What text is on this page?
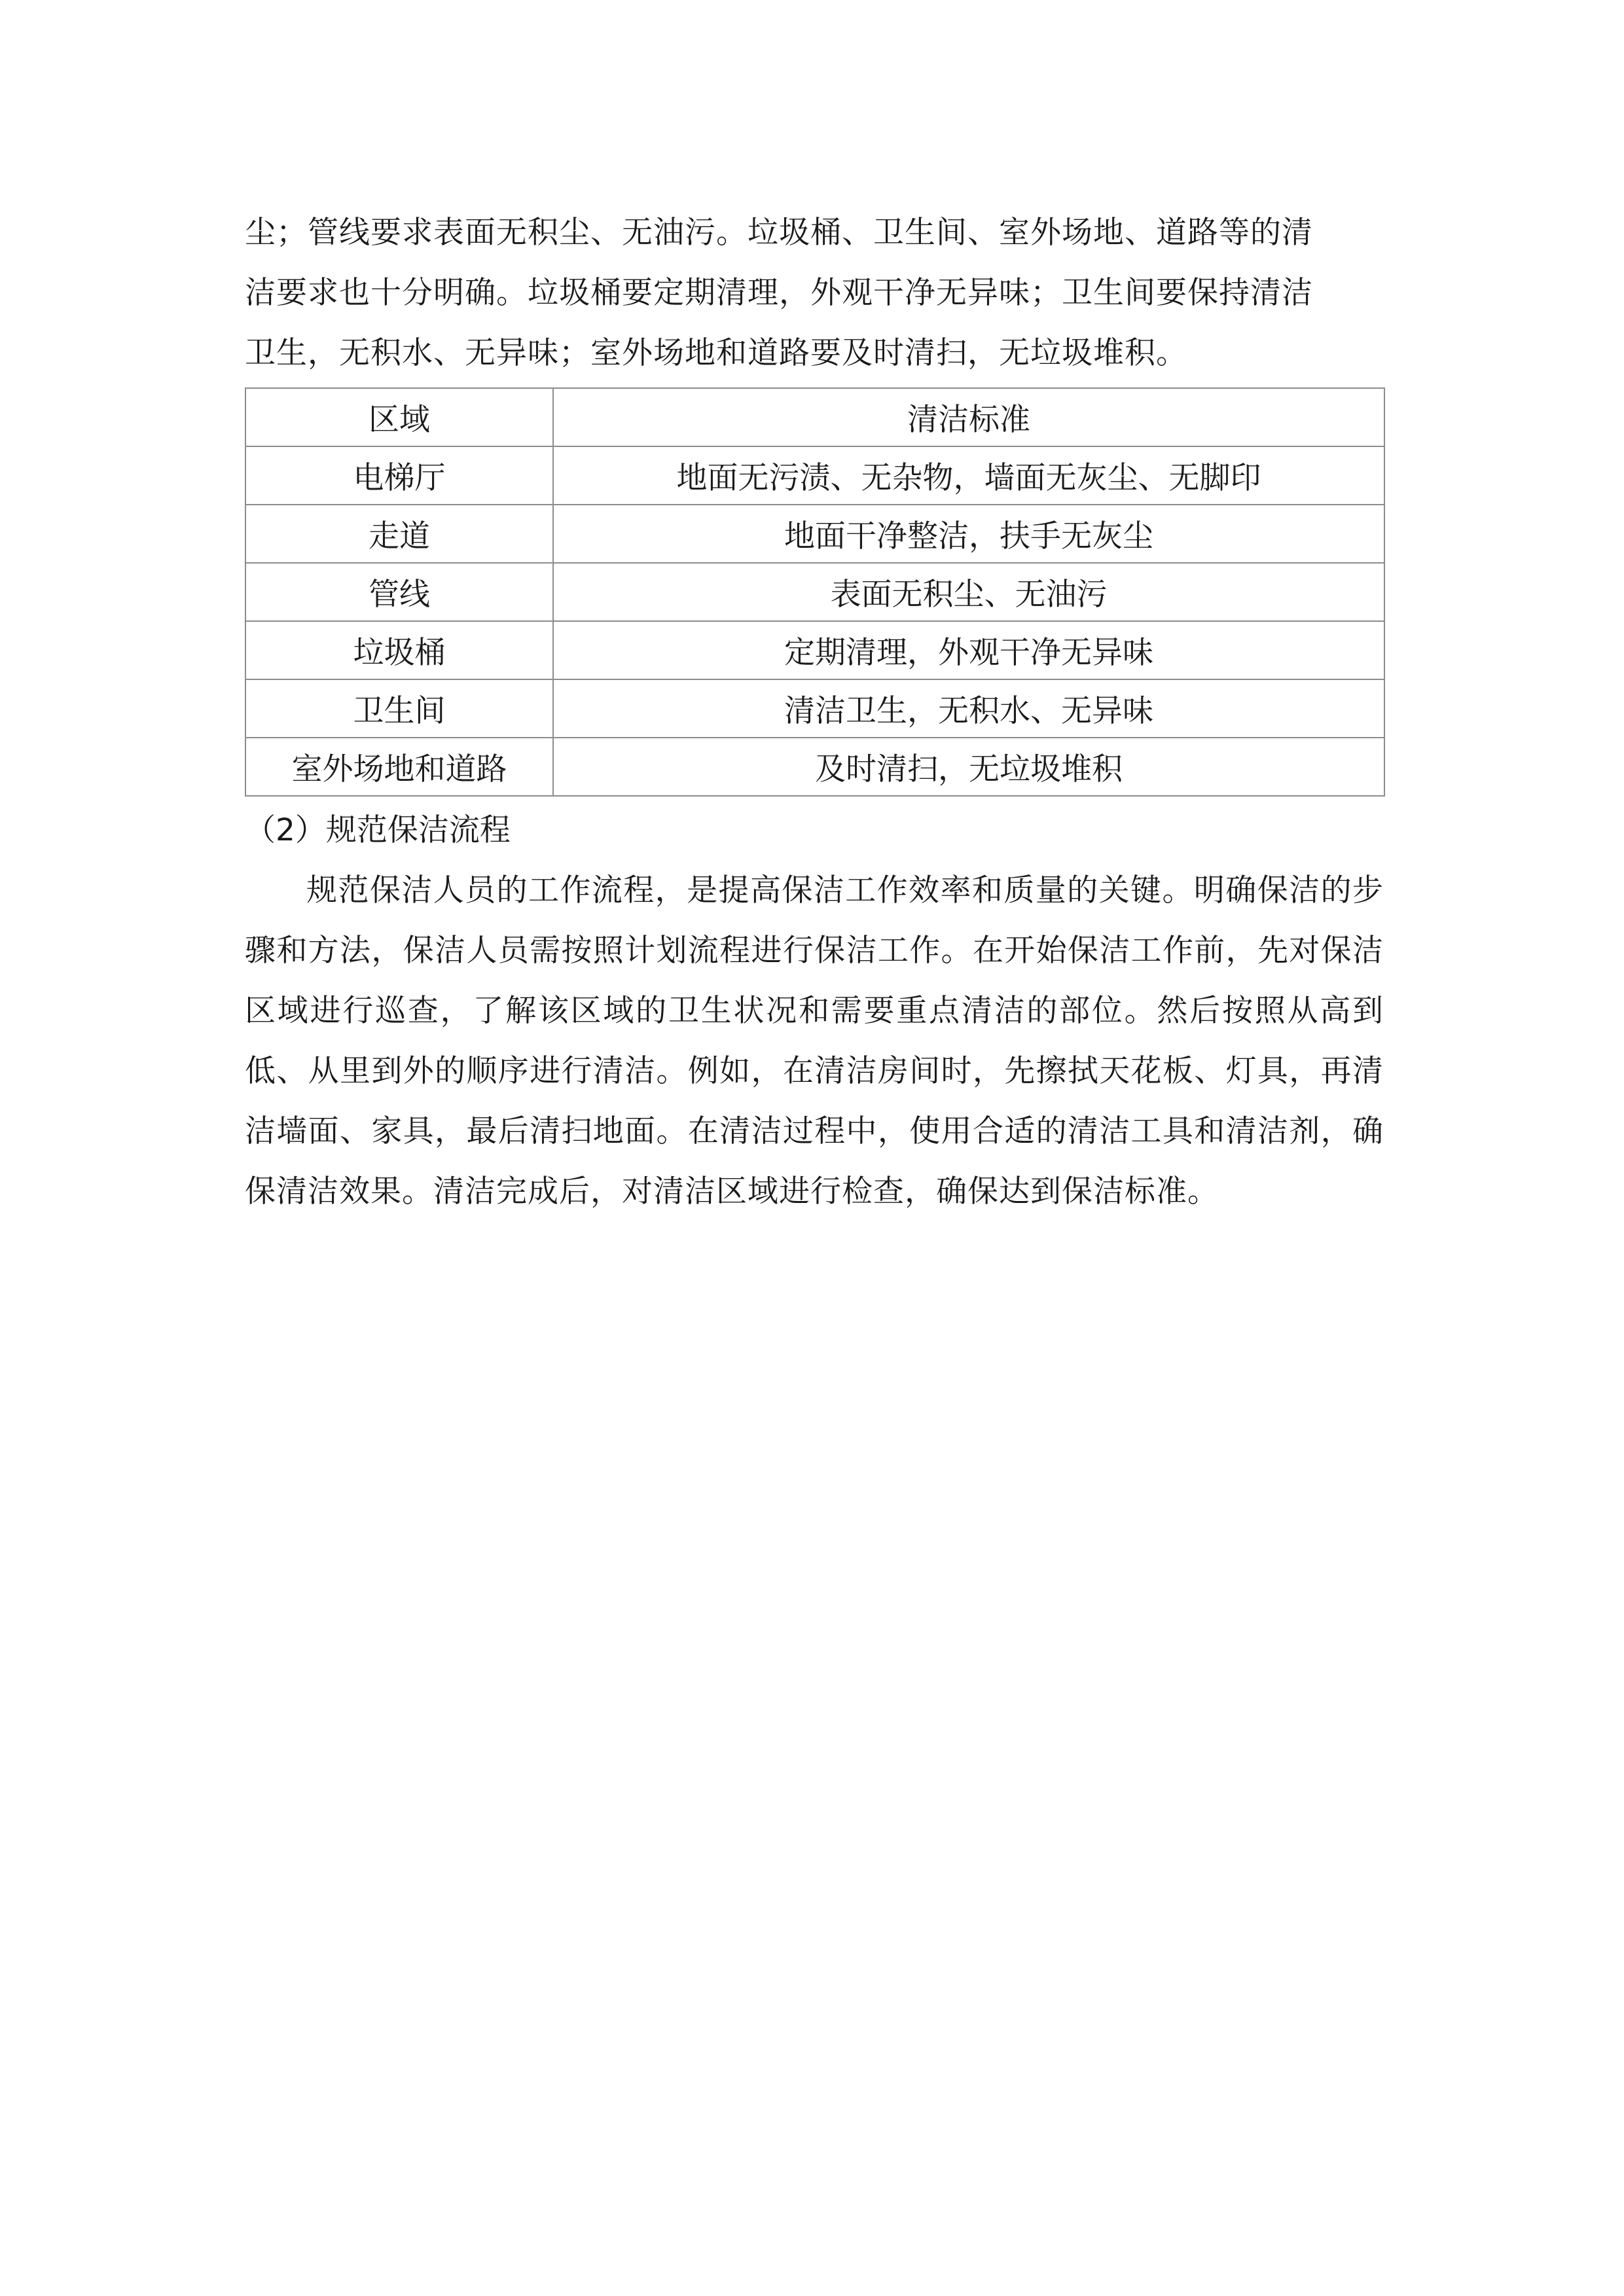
尘；管线要求表面无积尘、无油污。垃圾桶、卫生间、室外场地、道路等的清

洁要求也十分明确。垃圾桶要定期清理，外观干净无异味；卫生间要保持清洁

卫生，无积水、无异味；室外场地和道路要及时清扫，无垃圾堆积。

区域	清洁标准
电梯厅	地面无污渍、无杂物，墙面无灰尘、无脚印
走道	地面干净整洁，扶手无灰尘
管线	表面无积尘、无油污
垃圾桶	定期清理，外观干净无异味
卫生间	清洁卫生，无积水、无异味
室外场地和道路	及时清扫，无垃圾堆积

（2）规范保洁流程

规范保洁人员的工作流程，是提高保洁工作效率和质量的关键。明确保洁的步骤和方法，保洁人员需按照计划流程进行保洁工作。在开始保洁工作前，先对保洁区域进行巡查，了解该区域的卫生状况和需要重点清洁的部位。然后按照从高到低、从里到外的顺序进行清洁。例如，在清洁房间时，先擦拭天花板、灯具，再清洁墙面、家具，最后清扫地面。在清洁过程中，使用合适的清洁工具和清洁剂，确保清洁效果。清洁完成后，对清洁区域进行检查，确保达到保洁标准。
